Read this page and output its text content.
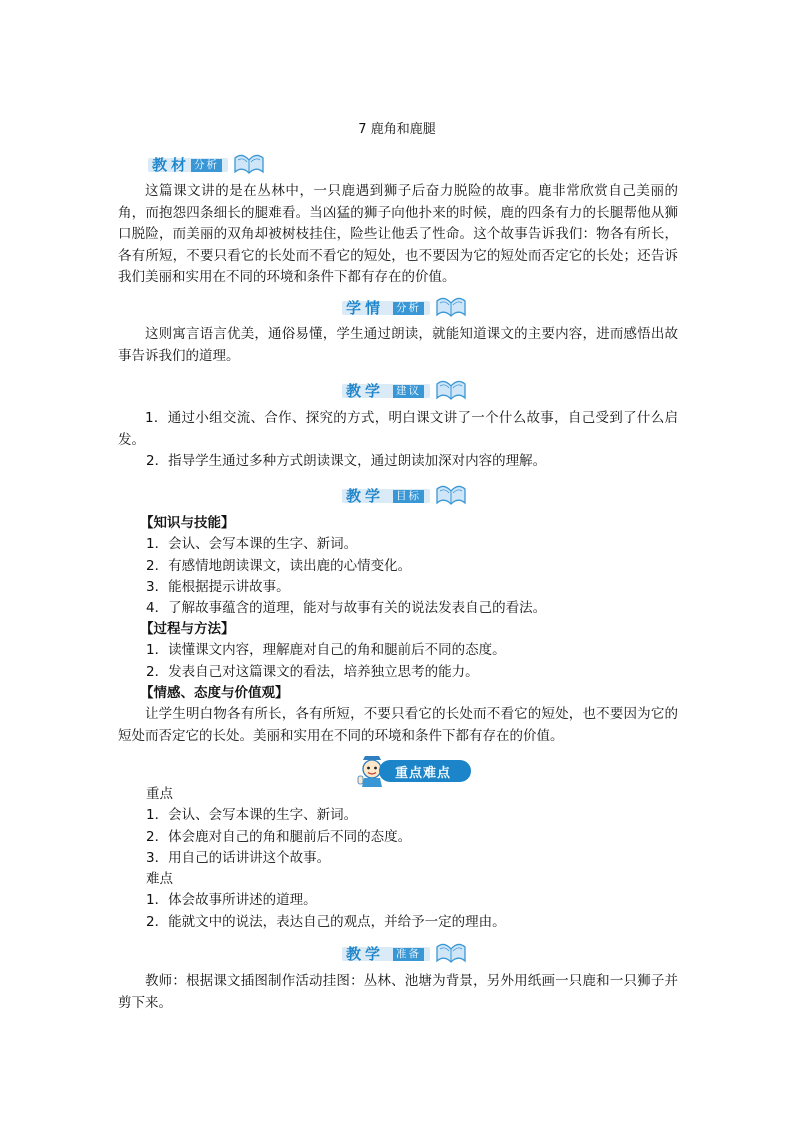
7 鹿角和鹿腿
教材 分析
这篇课文讲的是在丛林中，一只鹿遇到狮子后奋力脱险的故事。鹿非常欣赏自己美丽的角，而抱怨四条细长的腿难看。当凶猛的狮子向他扑来的时候，鹿的四条有力的长腿帮他从狮口脱险，而美丽的双角却被树枝挂住，险些让他丢了性命。这个故事告诉我们：物各有所长，各有所短，不要只看它的长处而不看它的短处，也不要因为它的短处而否定它的长处；还告诉我们美丽和实用在不同的环境和条件下都有存在的价值。
学情 分析
这则寓言语言优美，通俗易懂，学生通过朗读，就能知道课文的主要内容，进而感悟出故事告诉我们的道理。
教学 建议
1．通过小组交流、合作、探究的方式，明白课文讲了一个什么故事，自己受到了什么启发。
2．指导学生通过多种方式朗读课文，通过朗读加深对内容的理解。
教学 目标
【知识与技能】
1．会认、会写本课的生字、新词。
2．有感情地朗读课文，读出鹿的心情变化。
3．能根据提示讲故事。
4．了解故事蕴含的道理，能对与故事有关的说法发表自己的看法。
【过程与方法】
1．读懂课文内容，理解鹿对自己的角和腿前后不同的态度。
2．发表自己对这篇课文的看法，培养独立思考的能力。
【情感、态度与价值观】
让学生明白物各有所长，各有所短，不要只看它的长处而不看它的短处，也不要因为它的短处而否定它的长处。美丽和实用在不同的环境和条件下都有存在的价值。
重点难点
重点
1．会认、会写本课的生字、新词。
2．体会鹿对自己的角和腿前后不同的态度。
3．用自己的话讲讲这个故事。
难点
1．体会故事所讲述的道理。
2．能就文中的说法，表达自己的观点，并给予一定的理由。
教学 准备
教师：根据课文插图制作活动挂图：丛林、池塘为背景，另外用纸画一只鹿和一只狮子并剪下来。
